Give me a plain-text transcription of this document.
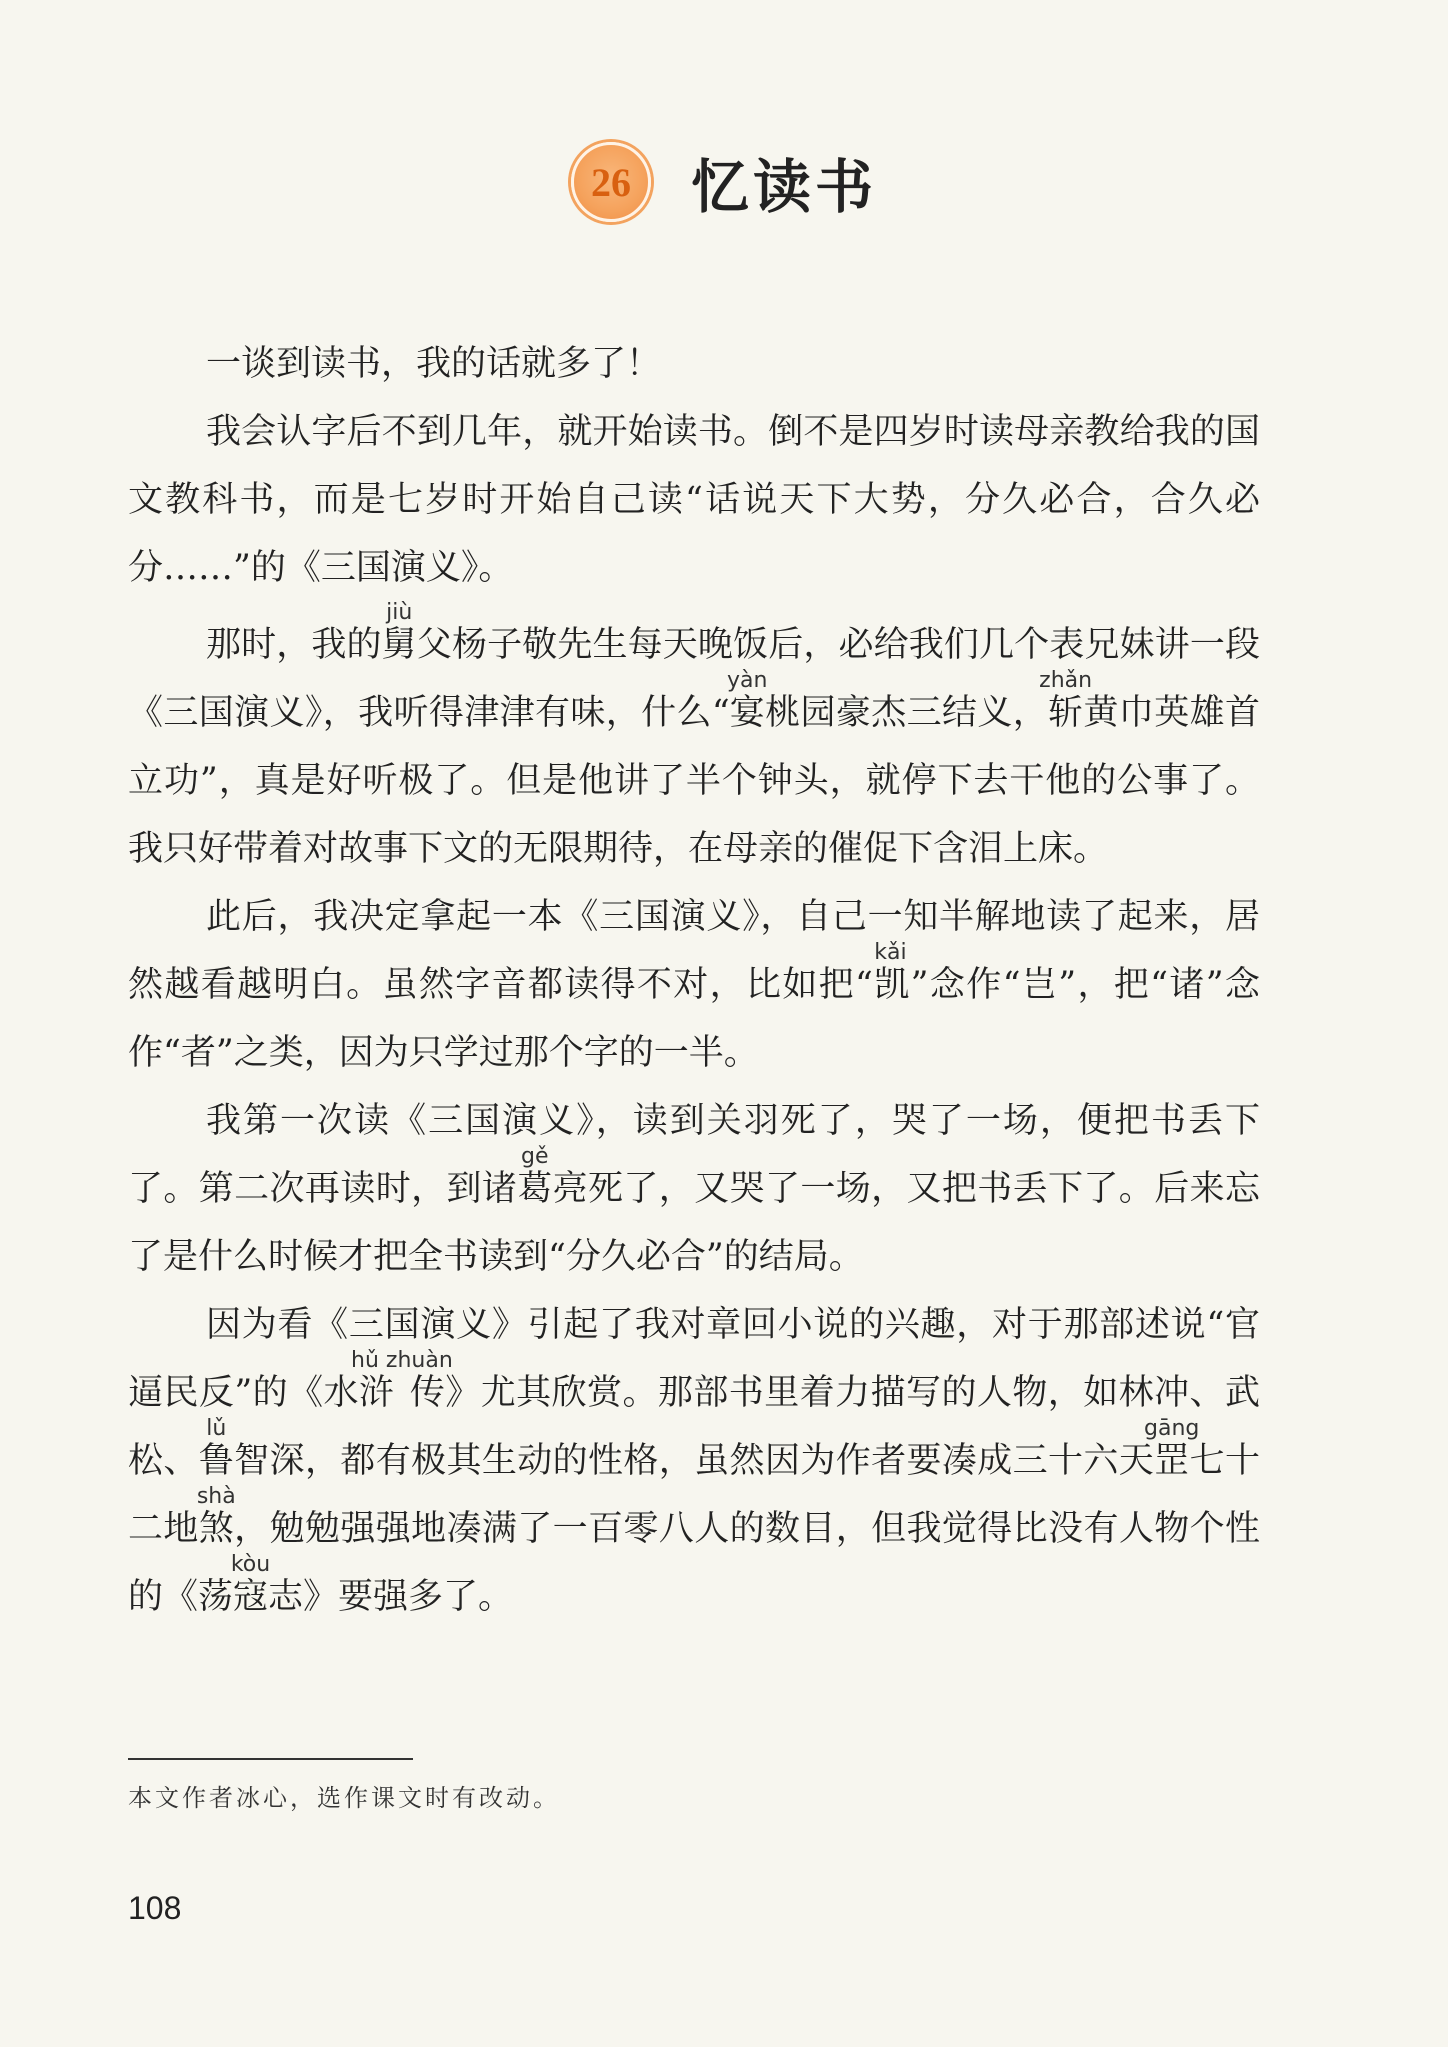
26	忆读书

一谈到读书，我的话就多了！

我会认字后不到几年，就开始读书。倒不是四岁时读母亲教给我的国文教科书，而是七岁时开始自己读“话说天下大势，分久必合，合久必分……”的《三国演义》。

那时，我的舅jiù父杨子敬先生每天晚饭后，必给我们几个表兄妹讲一段《三国演义》，我听得津津有味，什么“宴yàn桃园豪杰三结义，斩zhǎn黄巾英雄首立功”，真是好听极了。但是他讲了半个钟头，就停下去干他的公事了。我只好带着对故事下文的无限期待，在母亲的催促下含泪上床。

此后，我决定拿起一本《三国演义》，自己一知半解地读了起来，居然越看越明白。虽然字音都读得不对，比如把“凯kǎi”念作“岂”，把“诸”念作“者”之类，因为只学过那个字的一半。

我第一次读《三国演义》，读到关羽死了，哭了一场，便把书丢下了。第二次再读时，到诸葛gě亮死了，又哭了一场，又把书丢下了。后来忘了是什么时候才把全书读到“分久必合”的结局。

因为看《三国演义》引起了我对章回小说的兴趣，对于那部述说“官逼民反”的《水浒传hǔ zhuàn》尤其欣赏。那部书里着力描写的人物，如林冲、武松、鲁lǔ智深，都有极其生动的性格，虽然因为作者要凑成三十六天罡gāng七十二地煞shà，勉勉强强地凑满了一百零八人的数目，但我觉得比没有人物个性的《荡寇kòu志》要强多了。

本文作者冰心，选作课文时有改动。
108
